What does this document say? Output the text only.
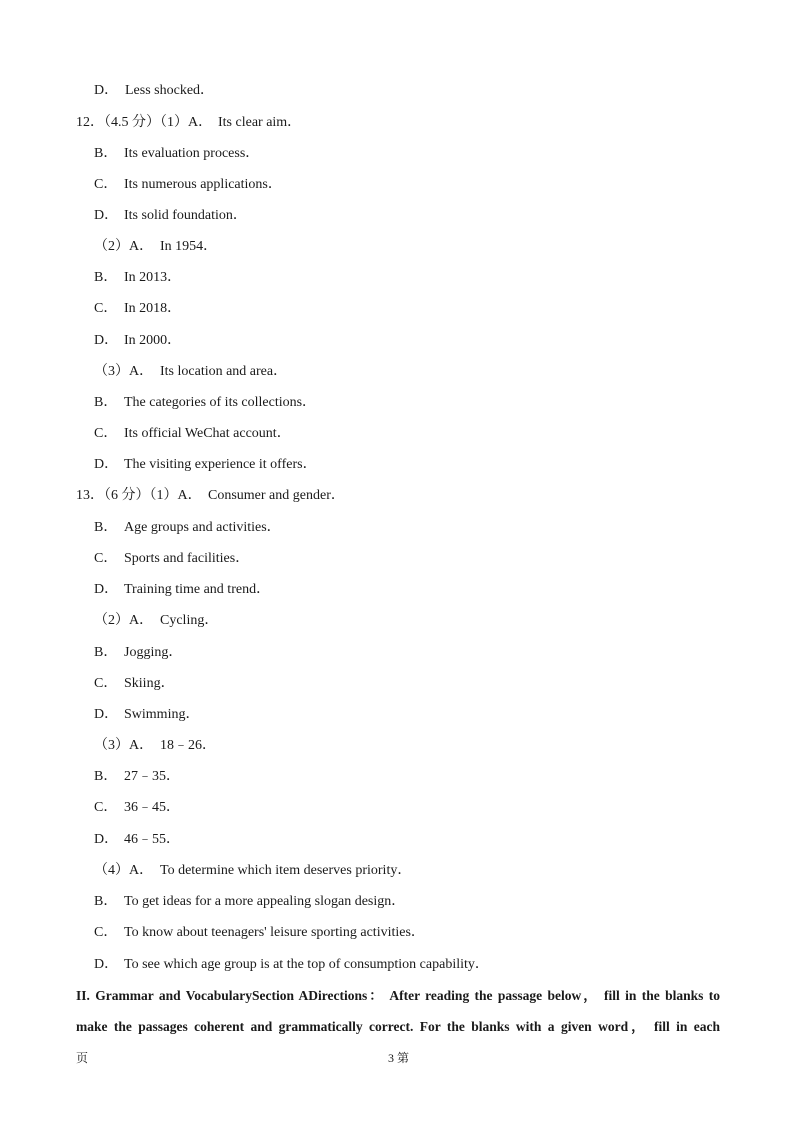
D． Less shocked．
12．（4.5 分）（1）A． Its clear aim．
B． Its evaluation process．
C． Its numerous applications．
D． Its solid foundation．
（2）A． In 1954．
B． In 2013．
C． In 2018．
D． In 2000．
（3）A． Its location and area．
B． The categories of its collections．
C． Its official WeChat account．
D． The visiting experience it offers．
13．（6 分）（1）A． Consumer and gender．
B． Age groups and activities．
C． Sports and facilities．
D． Training time and trend．
（2）A． Cycling．
B． Jogging．
C． Skiing．
D． Swimming．
（3）A． 18﹣26．
B． 27﹣35．
C． 36﹣45．
D． 46﹣55．
（4）A． To determine which item deserves priority．
B． To get ideas for a more appealing slogan design．
C． To know about teenagers' leisure sporting activities．
D． To see which age group is at the top of consumption capability．
II. Grammar and VocabularySection ADirections： After reading the passage below， fill in the blanks to
make the passages coherent and grammatically correct. For the blanks with a given word， fill in each
页	3 第
